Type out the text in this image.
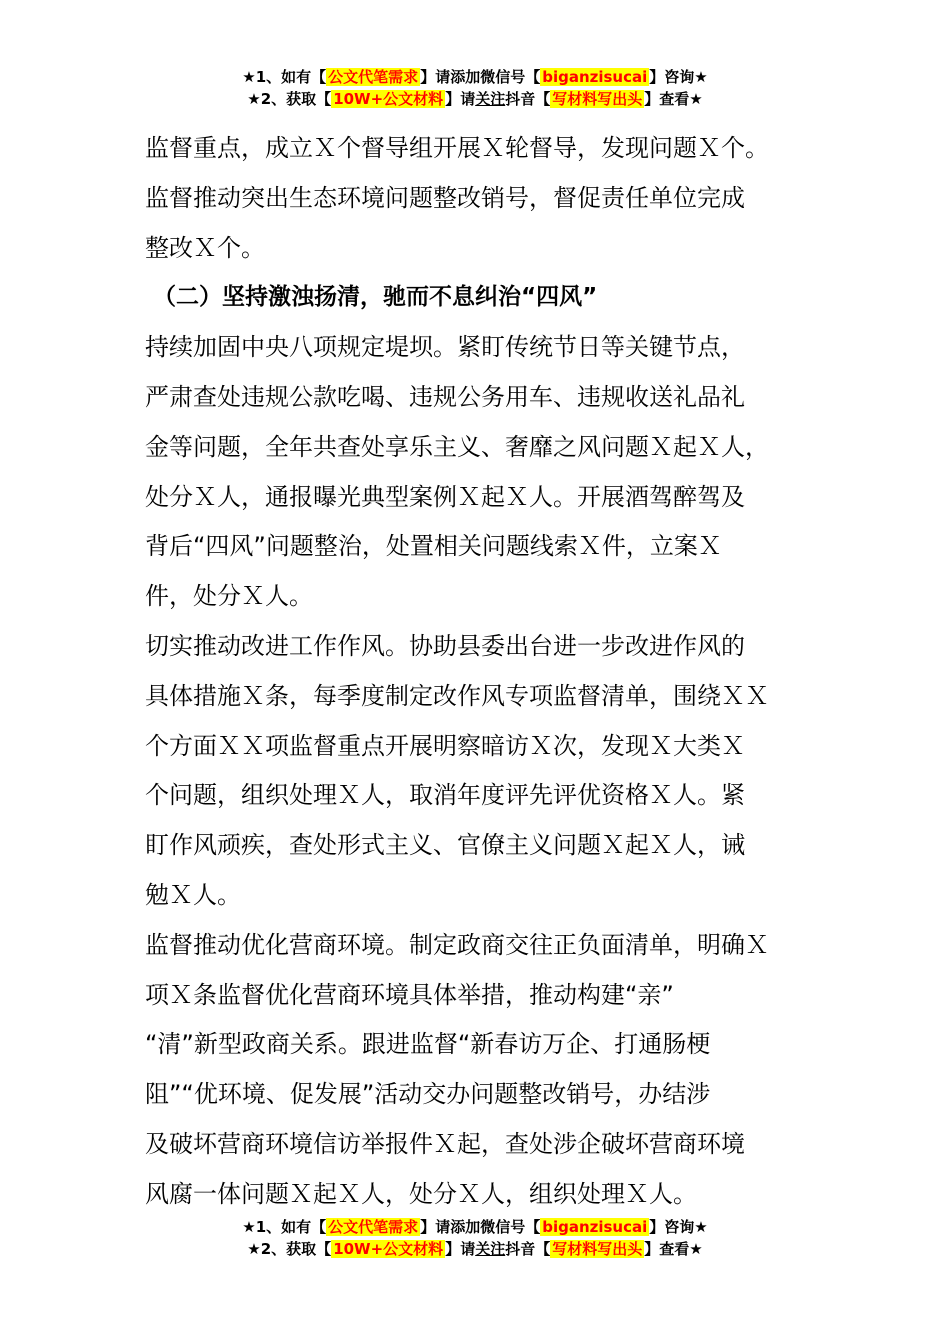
★1、如有【 公文代笔需求 】请添加微信号【 biganzisucai 】咨询★
★2、获取【 10W+公文材料 】请关注抖音【 写材料写出头 】查看★

监督重点，成立Ｘ个督导组开展Ｘ轮督导，发现问题Ｘ个。
监督推动突出生态环境问题整改销号，督促责任单位完成
整改Ｘ个。

（二）坚持激浊扬清，驰而不息纠治“四风”

持续加固中央八项规定堤坝。紧盯传统节日等关键节点，
严肃查处违规公款吃喝、违规公务用车、违规收送礼品礼
金等问题，全年共查处享乐主义、奢靡之风问题Ｘ起Ｘ人，
处分Ｘ人，通报曝光典型案例Ｘ起Ｘ人。开展酒驾醉驾及
背后“四风”问题整治，处置相关问题线索Ｘ件，立案Ｘ
件，处分Ｘ人。

切实推动改进工作作风。协助县委出台进一步改进作风的
具体措施Ｘ条，每季度制定改作风专项监督清单，围绕ＸＸ
个方面ＸＸ项监督重点开展明察暗访Ｘ次，发现Ｘ大类Ｘ
个问题，组织处理Ｘ人，取消年度评先评优资格Ｘ人。紧
盯作风顽疾，查处形式主义、官僚主义问题Ｘ起Ｘ人，诫
勉Ｘ人。

监督推动优化营商环境。制定政商交往正负面清单，明确Ｘ
项Ｘ条监督优化营商环境具体举措，推动构建“亲”
“清”新型政商关系。跟进监督“新春访万企、打通肠梗
阻”“优环境、促发展”活动交办问题整改销号，办结涉
及破坏营商环境信访举报件Ｘ起，查处涉企破坏营商环境
风腐一体问题Ｘ起Ｘ人，处分Ｘ人，组织处理Ｘ人。

★1、如有【 公文代笔需求 】请添加微信号【 biganzisucai 】咨询★
★2、获取【 10W+公文材料 】请关注抖音【 写材料写出头 】查看★
